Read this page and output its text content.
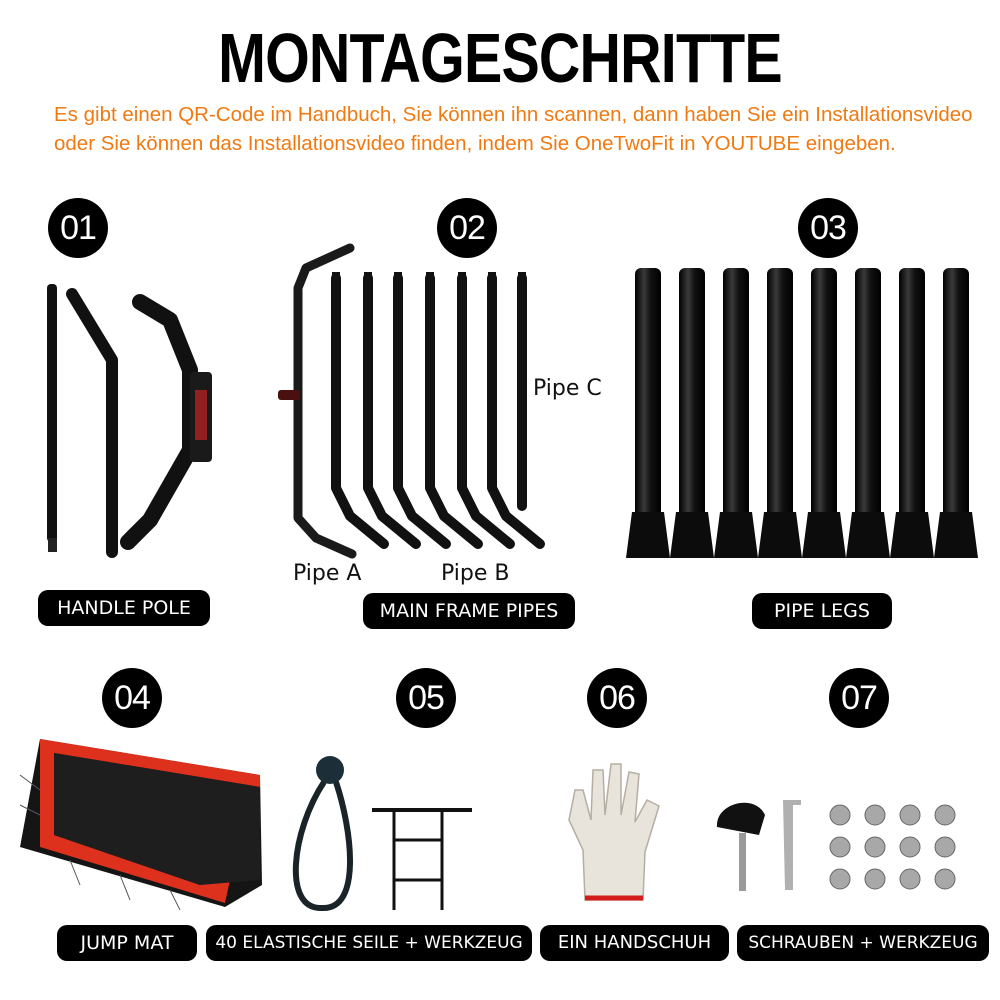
MONTAGESCHRITTE
Es gibt einen QR-Code im Handbuch, Sie können ihn scannen, dann haben Sie ein Installationsvideo oder Sie können das Installationsvideo finden, indem Sie OneTwoFit in YOUTUBE eingeben.
01	02	03
04	05	06	07
Pipe A	Pipe B
Pipe C
HANDLE POLE	MAIN FRAME PIPES	PIPE LEGS
JUMP MAT	40 ELASTISCHE SEILE + WERKZEUG	EIN HANDSCHUH	SCHRAUBEN + WERKZEUG
